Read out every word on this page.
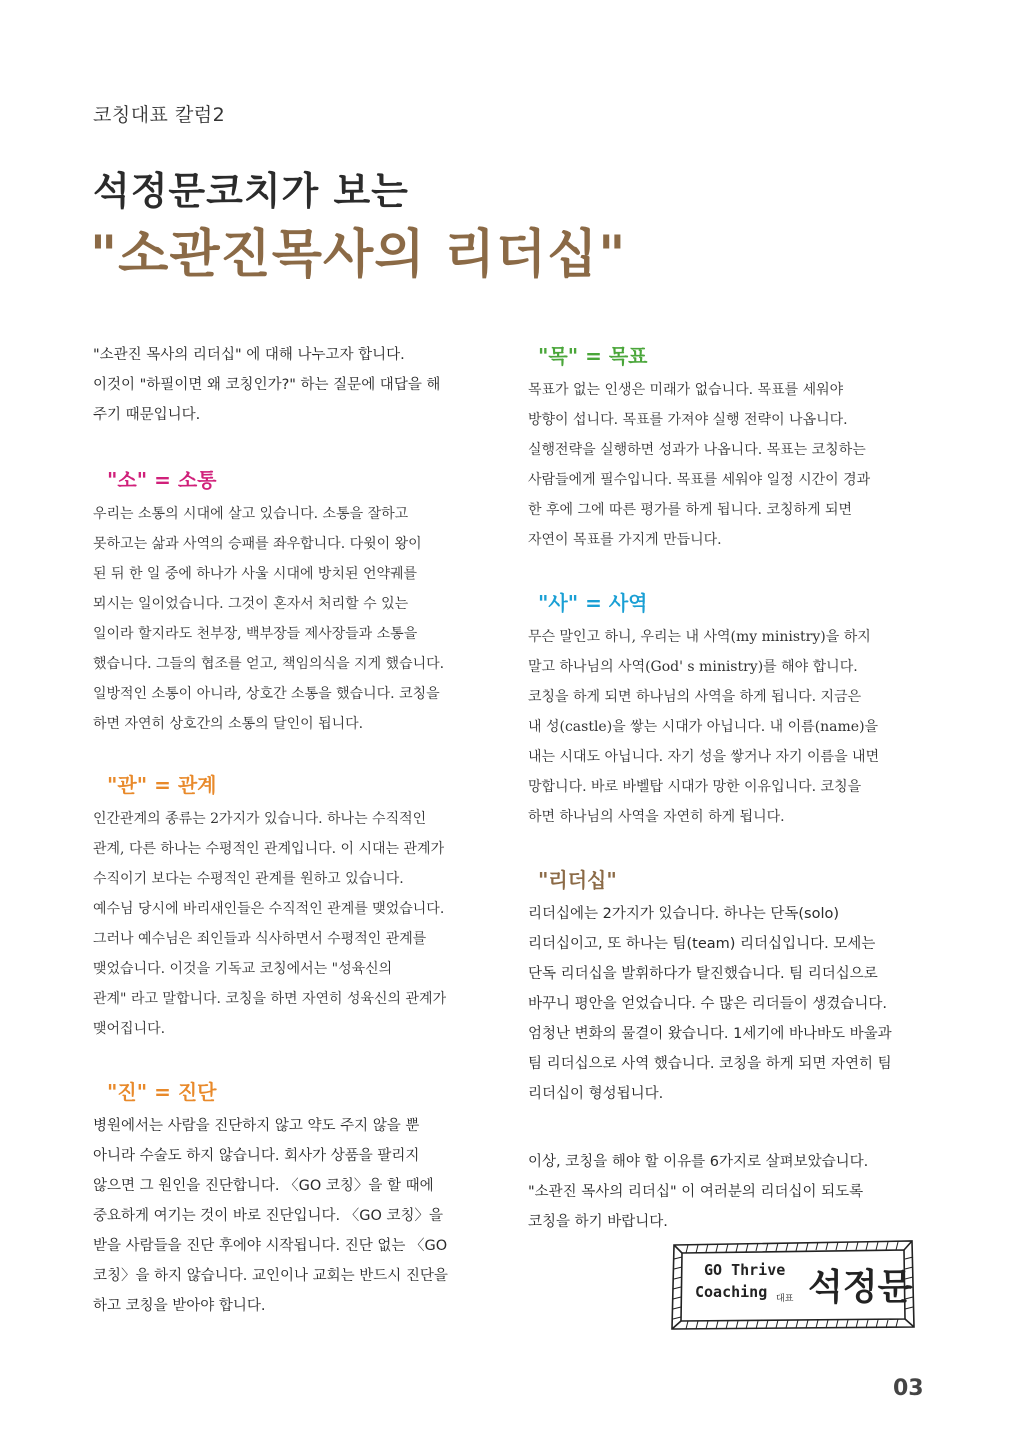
코칭대표 칼럼2
석정문코치가 보는
"소관진목사의 리더십"

"소관진 목사의 리더십" 에 대해 나누고자 합니다.
이것이 "하필이면 왜 코칭인가?" 하는 질문에 대답을 해
주기 때문입니다.

"소" = 소통

우리는 소통의 시대에 살고 있습니다. 소통을 잘하고
못하고는 삶과 사역의 승패를 좌우합니다. 다윗이 왕이
된 뒤 한 일 중에 하나가 사울 시대에 방치된 언약궤를
뫼시는 일이었습니다. 그것이 혼자서 처리할 수 있는
일이라 할지라도 천부장, 백부장들 제사장들과 소통을
했습니다. 그들의 협조를 얻고, 책임의식을 지게 했습니다.
일방적인 소통이 아니라, 상호간 소통을 했습니다. 코칭을
하면 자연히 상호간의 소통의 달인이 됩니다.

"관" = 관계

인간관계의 종류는 2가지가 있습니다. 하나는 수직적인
관계, 다른 하나는 수평적인 관계입니다. 이 시대는 관계가
수직이기 보다는 수평적인 관계를 원하고 있습니다.
예수님 당시에 바리새인들은 수직적인 관계를 맺었습니다.
그러나 예수님은 죄인들과 식사하면서 수평적인 관계를
맺었습니다. 이것을 기독교 코칭에서는 "성육신의
관계" 라고 말합니다. 코칭을 하면 자연히 성육신의 관계가
맺어집니다.

"진" = 진단

병원에서는 사람을 진단하지 않고 약도 주지 않을 뿐
아니라 수술도 하지 않습니다. 회사가 상품을 팔리지
않으면 그 원인을 진단합니다. 〈GO 코칭〉을 할 때에
중요하게 여기는 것이 바로 진단입니다. 〈GO 코칭〉을
받을 사람들을 진단 후에야 시작됩니다. 진단 없는 〈GO
코칭〉을 하지 않습니다. 교인이나 교회는 반드시 진단을
하고 코칭을 받아야 합니다.

"목" = 목표

목표가 없는 인생은 미래가 없습니다. 목표를 세워야
방향이 섭니다. 목표를 가져야 실행 전략이 나옵니다.
실행전략을 실행하면 성과가 나옵니다. 목표는 코칭하는
사람들에게 필수입니다. 목표를 세워야 일정 시간이 경과
한 후에 그에 따른 평가를 하게 됩니다. 코칭하게 되면
자연이 목표를 가지게 만듭니다.

"사" = 사역

무슨 말인고 하니, 우리는 내 사역(my ministry)을 하지
말고 하나님의 사역(God' s ministry)를 해야 합니다.
코칭을 하게 되면 하나님의 사역을 하게 됩니다. 지금은
내 성(castle)을 쌓는 시대가 아닙니다. 내 이름(name)을
내는 시대도 아닙니다. 자기 성을 쌓거나 자기 이름을 내면
망합니다. 바로 바벨탑 시대가 망한 이유입니다. 코칭을
하면 하나님의 사역을 자연히 하게 됩니다.

"리더십"

리더십에는 2가지가 있습니다. 하나는 단독(solo)
리더십이고, 또 하나는 팀(team) 리더십입니다. 모세는
단독 리더십을 발휘하다가 탈진했습니다. 팀 리더십으로
바꾸니 평안을 얻었습니다. 수 많은 리더들이 생겼습니다.
엄청난 변화의 물결이 왔습니다. 1세기에 바나바도 바울과
팀 리더십으로 사역 했습니다. 코칭을 하게 되면 자연히 팀
리더십이 형성됩니다.

이상, 코칭을 해야 할 이유를 6가지로 살펴보았습니다.
"소관진 목사의 리더십" 이 여러분의 리더십이 되도록
코칭을 하기 바랍니다.

GO Thrive
Coaching 대표 석정문
03
